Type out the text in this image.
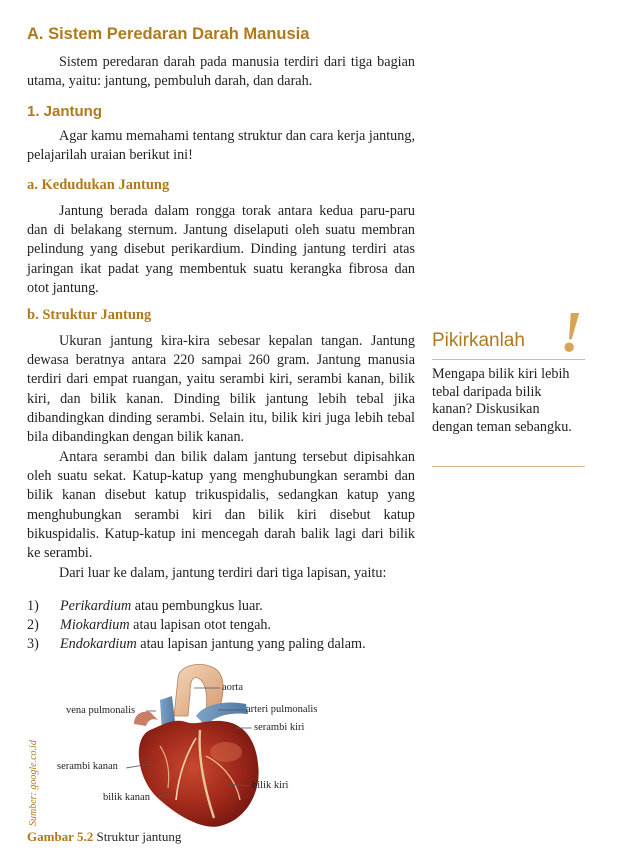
A. Sistem Peredaran Darah Manusia
Sistem peredaran darah pada manusia terdiri dari tiga bagian utama, yaitu: jantung, pembuluh darah, dan darah.
1. Jantung
Agar kamu memahami tentang struktur dan cara kerja jantung, pelajarilah uraian berikut ini!
a. Kedudukan Jantung
Jantung berada dalam rongga torak antara kedua paru-paru dan di belakang sternum. Jantung diselaputi oleh suatu membran pelindung yang disebut perikardium. Dinding jantung terdiri atas jaringan ikat padat yang membentuk suatu kerangka fibrosa dan otot jantung.
b. Struktur Jantung
Ukuran jantung kira-kira sebesar kepalan tangan. Jantung dewasa beratnya antara 220 sampai 260 gram. Jantung manusia terdiri dari empat ruangan, yaitu serambi kiri, serambi kanan, bilik kiri, dan bilik kanan. Dinding bilik jantung lebih tebal jika dibandingkan dinding serambi. Selain itu, bilik kiri juga lebih tebal bila dibandingkan dengan bilik kanan.
Antara serambi dan bilik dalam jantung tersebut dipisahkan oleh suatu sekat. Katup-katup yang menghubungkan serambi dan bilik kanan disebut katup trikuspidalis, sedangkan katup yang menghubungkan serambi kiri dan bilik kiri disebut katup bikuspidalis. Katup-katup ini mencegah darah balik lagi dari bilik ke serambi.
Dari luar ke dalam, jantung terdiri dari tiga lapisan, yaitu:
1) Perikardium atau pembungkus luar.
2) Miokardium atau lapisan otot tengah.
3) Endokardium atau lapisan jantung yang paling dalam.
Pikirkanlah !
Mengapa bilik kiri lebih tebal daripada bilik kanan? Diskusikan dengan teman sebangku.
aorta
vena pulmonalis	arteri pulmonalis
serambi kiri
serambi kanan
bilik kiri
bilik kanan
Sumber: google.co.id
Gambar 5.2 Struktur jantung
